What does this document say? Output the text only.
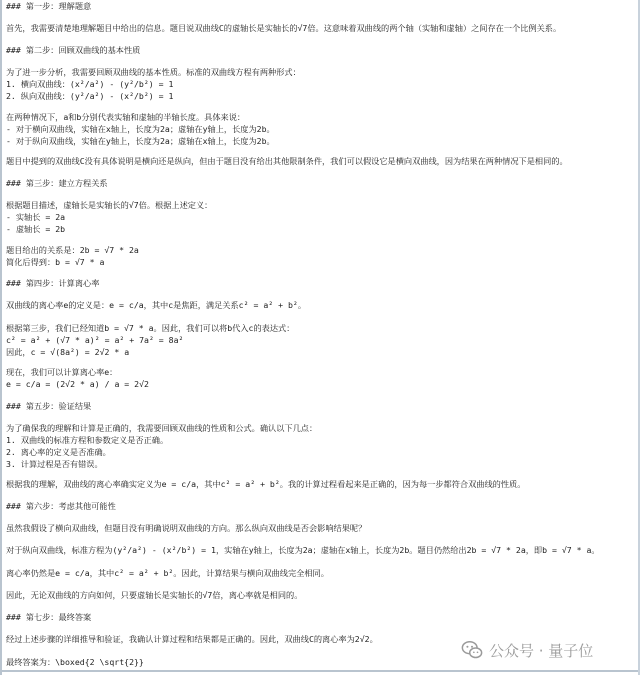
### 第一步：理解题意

首先，我需要清楚地理解题目中给出的信息。题目说双曲线C的虚轴长是实轴长的√7倍。这意味着双曲线的两个轴（实轴和虚轴）之间存在一个比例关系。

### 第二步：回顾双曲线的基本性质

为了进一步分析，我需要回顾双曲线的基本性质。标准的双曲线方程有两种形式：
1. 横向双曲线：(x²/a²) - (y²/b²) = 1
2. 纵向双曲线：(y²/a²) - (x²/b²) = 1

在两种情况下，a和b分别代表实轴和虚轴的半轴长度。具体来说：
- 对于横向双曲线，实轴在x轴上，长度为2a；虚轴在y轴上，长度为2b。
- 对于纵向双曲线，实轴在y轴上，长度为2a；虚轴在x轴上，长度为2b。

题目中提到的双曲线C没有具体说明是横向还是纵向，但由于题目没有给出其他限制条件，我们可以假设它是横向双曲线，因为结果在两种情况下是相同的。

### 第三步：建立方程关系

根据题目描述，虚轴长是实轴长的√7倍。根据上述定义：
- 实轴长 = 2a
- 虚轴长 = 2b

题目给出的关系是：2b = √7 * 2a
简化后得到：b = √7 * a

### 第四步：计算离心率

双曲线的离心率e的定义是：e = c/a，其中c是焦距，满足关系c² = a² + b²。

根据第三步，我们已经知道b = √7 * a。因此，我们可以将b代入c的表达式：
c² = a² + (√7 * a)² = a² + 7a² = 8a²
因此，c = √(8a²) = 2√2 * a

现在，我们可以计算离心率e：
e = c/a = (2√2 * a) / a = 2√2

### 第五步：验证结果

为了确保我的理解和计算是正确的，我需要回顾双曲线的性质和公式。确认以下几点：
1. 双曲线的标准方程和参数定义是否正确。
2. 离心率的定义是否准确。
3. 计算过程是否有错误。

根据我的理解，双曲线的离心率确实定义为e = c/a，其中c² = a² + b²。我的计算过程看起来是正确的，因为每一步都符合双曲线的性质。

### 第六步：考虑其他可能性

虽然我假设了横向双曲线，但题目没有明确说明双曲线的方向。那么纵向双曲线是否会影响结果呢？

对于纵向双曲线，标准方程为(y²/a²) - (x²/b²) = 1，实轴在y轴上，长度为2a；虚轴在x轴上，长度为2b。题目仍然给出2b = √7 * 2a，即b = √7 * a。

离心率仍然是e = c/a，其中c² = a² + b²。因此，计算结果与横向双曲线完全相同。

因此，无论双曲线的方向如何，只要虚轴长是实轴长的√7倍，离心率就是相同的。

### 第七步：最终答案

经过上述步骤的详细推导和验证，我确认计算过程和结果都是正确的。因此，双曲线C的离心率为2√2。

最终答案为：\boxed{2 \sqrt{2}}

公众号 · 量子位
